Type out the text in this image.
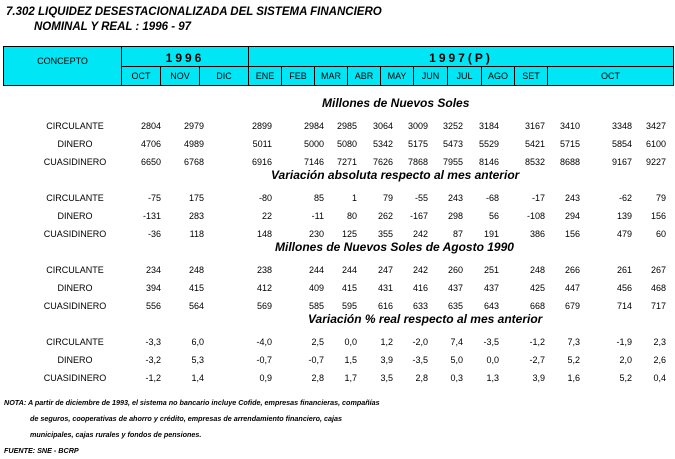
7.302 LIQUIDEZ DESESTACIONALIZADA DEL SISTEMA FINANCIERO
NOMINAL Y REAL : 1996 - 97
CONCEPTO	1996	1997(P)
OCT	NOV	DIC	ENE	FEB	MAR	ABR	MAY	JUN	JUL	AGO	SET	OCT
Millones de Nuevos Soles
CIRCULANTE	2804	2979	2899	2984 2985 3064 3009 3252 3184	3167 3410	3348 3427
DINERO	4706	4989	5011	5000 5080 5342 5175 5473 5529	5421 5715	5854 6100
CUASIDINERO	6650	6768	6916	7146 7271 7626 7868 7955 8146	8532 8688	9167 9227
Variación absoluta respecto al mes anterior
CIRCULANTE	-75	175	-80	85	1	79 -55 243	-68	-17 243	-62	79
DINERO	-131	283	22	-11	80 262 -167 298	56	-108 294	139 156
CUASIDINERO	-36	118	148	230 125 355 242	87 191	386 156	479	60
Millones de Nuevos Soles de Agosto 1990
CIRCULANTE	234	248	238	244 244 247 242 260 251	248 266	261 267
DINERO	394	415	412	409 415 431 416 437 437	425 447	456 468
CUASIDINERO	556	564	569	585 595 616 633 635 643	668 679	714 717
Variación % real respecto al mes anterior
CIRCULANTE	-3,3	6,0	-4,0	2,5 0,0	1,2 -2,0 7,4 -3,5	-1,2 7,3	-1,9 2,3
DINERO	-3,2	5,3	-0,7	-0,7 1,5	3,9 -3,5 5,0	0,0	-2,7 5,2	2,0 2,6
CUASIDINERO	-1,2	1,4	0,9	2,8 1,7	3,5 2,8 0,3	1,3	3,9 1,6	5,2 0,4
NOTA: A partir de diciembre de 1993, el sistema no bancario incluye Cofide, empresas financieras, compañías
de seguros, cooperativas de ahorro y crédito, empresas de arrendamiento financiero, cajas
municipales, cajas rurales y fondos de pensiones.
FUENTE: SNE - BCRP
